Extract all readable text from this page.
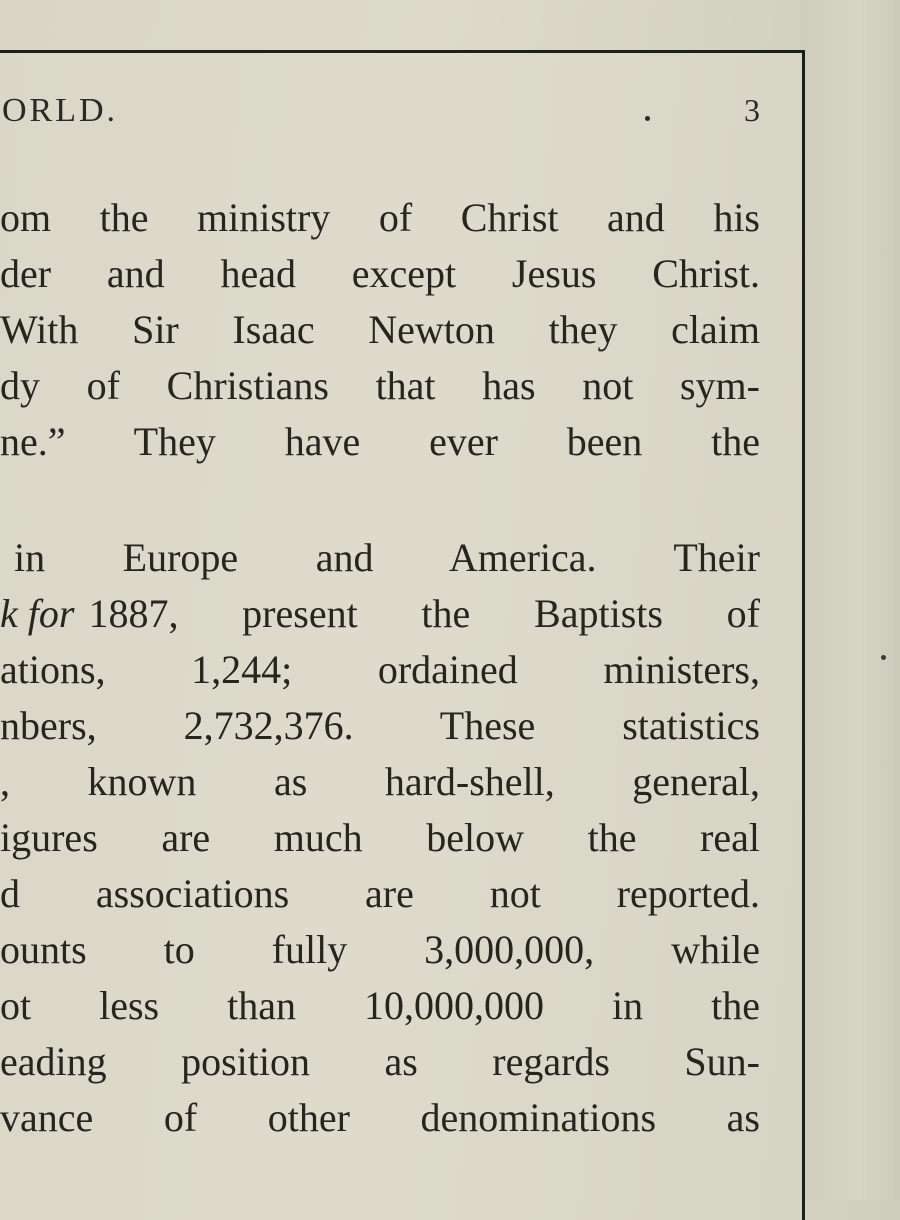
ORLD.	3
om the ministry of Christ and his
der and head except Jesus Christ.
With Sir Isaac Newton they claim
dy of Christians that has not sym-
ne.” They have ever been the
in Europe and America. Their
k for 1887, present the Baptists of
ations, 1,244; ordained ministers,
nbers, 2,732,376. These statistics
, known as hard-shell, general,
igures are much below the real
d associations are not reported.
ounts to fully 3,000,000, while
ot less than 10,000,000 in the
eading position as regards Sun-
vance of other denominations as
